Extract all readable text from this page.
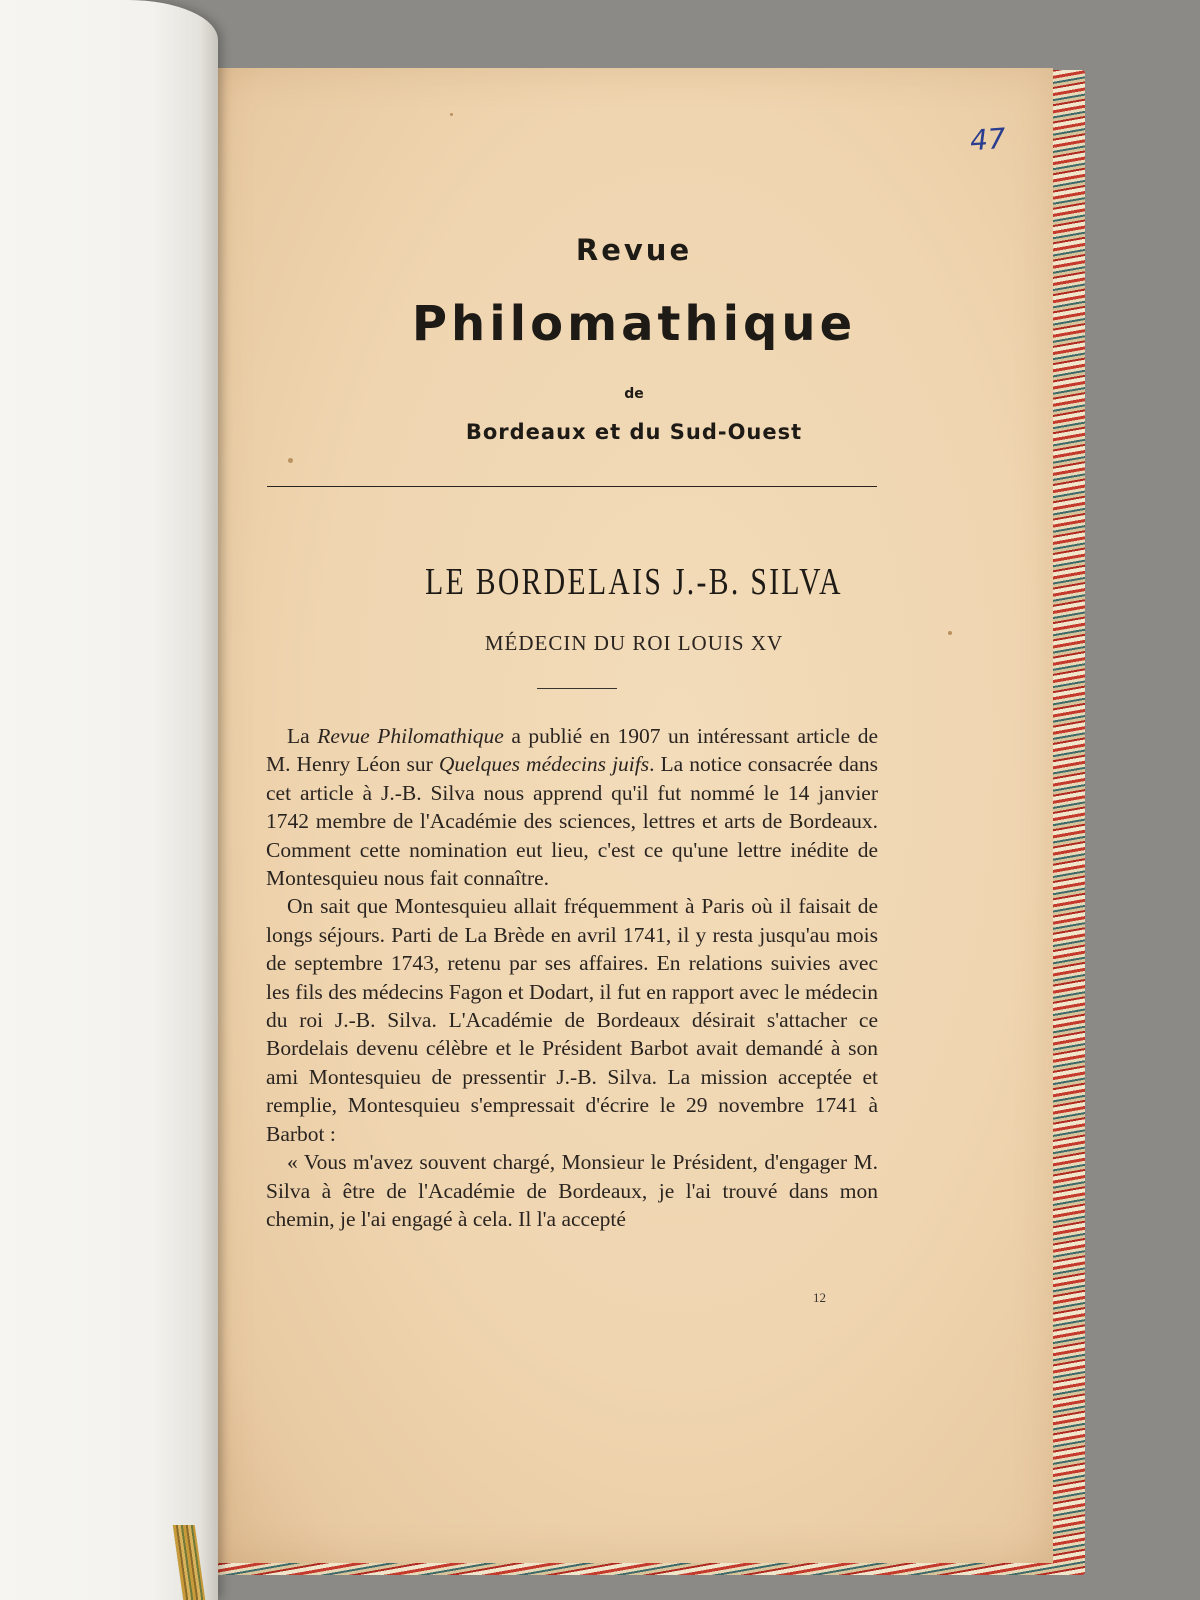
47
Revue
Philomathique
de
Bordeaux et du Sud-Ouest
LE BORDELAIS J.-B. SILVA
MÉDECIN DU ROI LOUIS XV

La Revue Philomathique a publié en 1907 un intéressant article de M. Henry Léon sur Quelques médecins juifs. La notice consacrée dans cet article à J.-B. Silva nous apprend qu'il fut nommé le 14 janvier 1742 membre de l'Académie des sciences, lettres et arts de Bordeaux. Comment cette nomination eut lieu, c'est ce qu'une lettre inédite de Montesquieu nous fait connaître.

On sait que Montesquieu allait fréquemment à Paris où il faisait de longs séjours. Parti de La Brède en avril 1741, il y resta jusqu'au mois de septembre 1743, retenu par ses affaires. En relations suivies avec les fils des médecins Fagon et Dodart, il fut en rapport avec le médecin du roi J.-B. Silva. L'Académie de Bordeaux désirait s'attacher ce Bordelais devenu célèbre et le Président Barbot avait demandé à son ami Montesquieu de pressentir J.-B. Silva. La mission acceptée et remplie, Montesquieu s'empressait d'écrire le 29 novembre 1741 à Barbot :

« Vous m'avez souvent chargé, Monsieur le Président, d'engager M. Silva à être de l'Académie de Bordeaux, je l'ai trouvé dans mon chemin, je l'ai engagé à cela. Il l'a accepté

12
